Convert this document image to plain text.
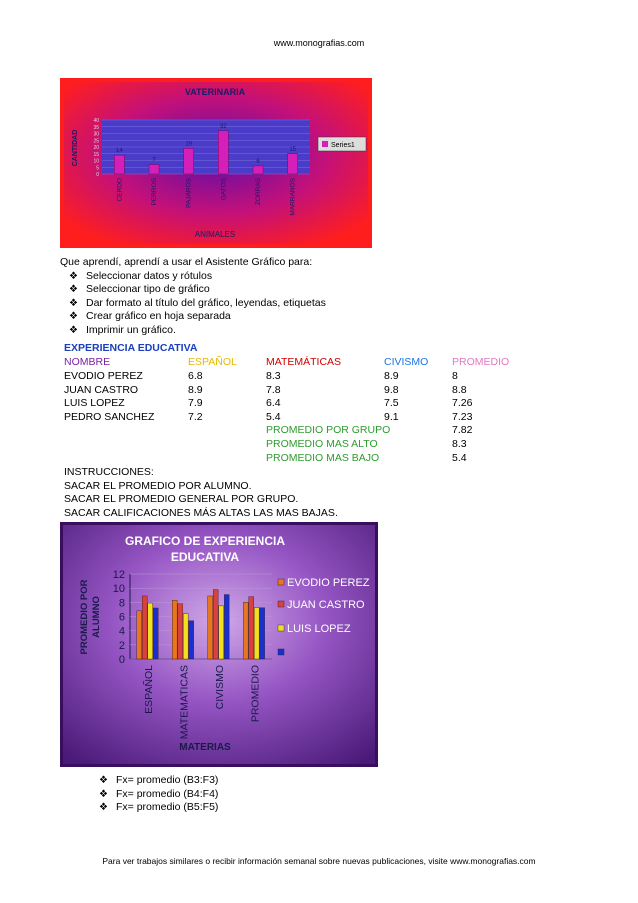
www.monografias.com
0
5
10
15
20
25
30
35
40
14
CERDO
7
PERROS
19
PAJAROS
32
GATOS
6
ZORRAS
15
MARRANOS
Series1
VATERINARIA
ANIMALES
CANTIDAD
Que aprendí, aprendí a usar el Asistente Gráfico para:
❖ Seleccionar datos y rótulos
❖ Seleccionar tipo de gráfico
❖ Dar formato al título del gráfico, leyendas, etiquetas
❖ Crear gráfico en hoja separada
❖ Imprimir un gráfico.
EXPERIENCIA EDUCATIVA
NOMBRE	ESPAÑOL	MATEMÁTICAS	CIVISMO	PROMEDIO
EVODIO PEREZ	6.8	8.3	8.9	8
JUAN CASTRO	8.9	7.8	9.8	8.8
LUIS LOPEZ	7.9	6.4	7.5	7.26
PEDRO SANCHEZ	7.2	5.4	9.1	7.23
		PROMEDIO POR GRUPO		7.82
		PROMEDIO MAS ALTO		8.3
		PROMEDIO MAS BAJO		5.4
INSTRUCCIONES:
SACAR EL PROMEDIO POR ALUMNO.
SACAR EL PROMEDIO GENERAL POR GRUPO.
SACAR CALIFICACIONES MÁS ALTAS LAS MAS BAJAS.
0
2
4
6
8
10
12
ESPAÑOL MATEMATICAS CIVISMO PROMEDIO
EVODIO PEREZ
JUAN CASTRO
LUIS LOPEZ
GRAFICO DE EXPERIENCIA
EDUCATIVA
MATERIAS
PROMEDIO POR ALUMNO
❖ Fx= promedio (B3:F3)
❖ Fx= promedio (B4:F4)
❖ Fx= promedio (B5:F5)
Para ver trabajos similares o recibir información semanal sobre nuevas publicaciones, visite www.monografias.com
